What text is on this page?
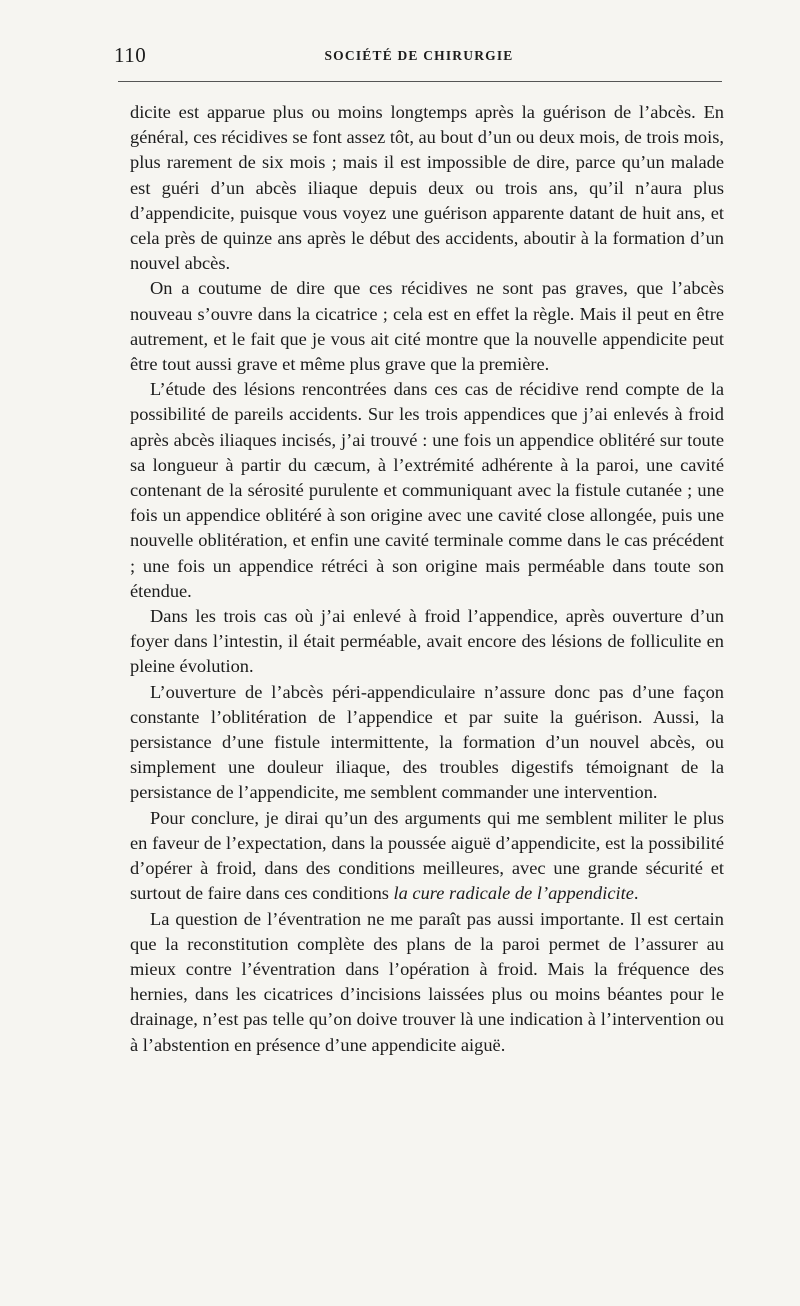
110	SOCIÉTÉ DE CHIRURGIE

dicite est apparue plus ou moins longtemps après la guérison de l’abcès. En général, ces récidives se font assez tôt, au bout d’un ou deux mois, de trois mois, plus rarement de six mois ; mais il est impossible de dire, parce qu’un malade est guéri d’un abcès iliaque depuis deux ou trois ans, qu’il n’aura plus d’appendicite, puisque vous voyez une guérison apparente datant de huit ans, et cela près de quinze ans après le début des accidents, aboutir à la formation d’un nouvel abcès.

On a coutume de dire que ces récidives ne sont pas graves, que l’abcès nouveau s’ouvre dans la cicatrice ; cela est en effet la règle. Mais il peut en être autrement, et le fait que je vous ait cité montre que la nouvelle appendicite peut être tout aussi grave et même plus grave que la première.

L’étude des lésions rencontrées dans ces cas de récidive rend compte de la possibilité de pareils accidents. Sur les trois appendices que j’ai enlevés à froid après abcès iliaques incisés, j’ai trouvé : une fois un appendice oblitéré sur toute sa longueur à partir du cæcum, à l’extrémité adhérente à la paroi, une cavité contenant de la sérosité purulente et communiquant avec la fistule cutanée ; une fois un appendice oblitéré à son origine avec une cavité close allongée, puis une nouvelle oblitération, et enfin une cavité terminale comme dans le cas précédent ; une fois un appendice rétréci à son origine mais perméable dans toute son étendue.

Dans les trois cas où j’ai enlevé à froid l’appendice, après ouverture d’un foyer dans l’intestin, il était perméable, avait encore des lésions de folliculite en pleine évolution.

L’ouverture de l’abcès péri-appendiculaire n’assure donc pas d’une façon constante l’oblitération de l’appendice et par suite la guérison. Aussi, la persistance d’une fistule intermittente, la formation d’un nouvel abcès, ou simplement une douleur iliaque, des troubles digestifs témoignant de la persistance de l’appendicite, me semblent commander une intervention.

Pour conclure, je dirai qu’un des arguments qui me semblent militer le plus en faveur de l’expectation, dans la poussée aiguë d’appendicite, est la possibilité d’opérer à froid, dans des conditions meilleures, avec une grande sécurité et surtout de faire dans ces conditions la cure radicale de l’appendicite.

La question de l’éventration ne me paraît pas aussi importante. Il est certain que la reconstitution complète des plans de la paroi permet de l’assurer au mieux contre l’éventration dans l’opération à froid. Mais la fréquence des hernies, dans les cicatrices d’incisions laissées plus ou moins béantes pour le drainage, n’est pas telle qu’on doive trouver là une indication à l’intervention ou à l’abstention en présence d’une appendicite aiguë.
